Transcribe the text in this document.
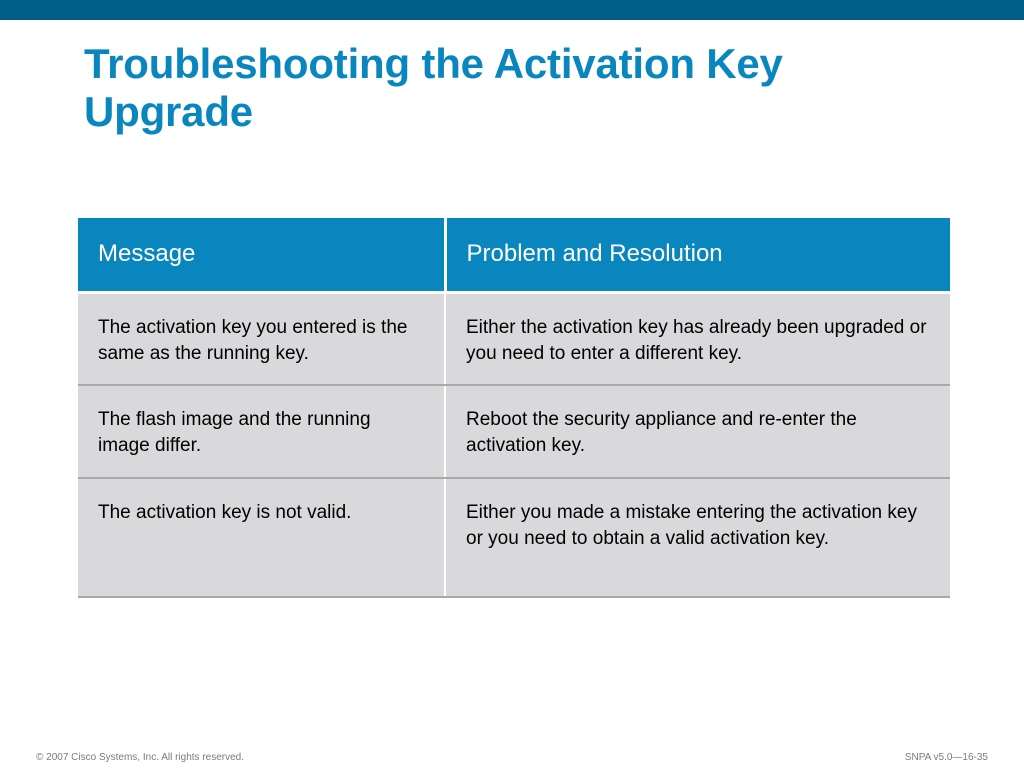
Troubleshooting the Activation Key
Upgrade
Message	Problem and Resolution
The activation key you entered is the same as the running key.	Either the activation key has already been upgraded or you need to enter a different key.
The flash image and the running image differ.	Reboot the security appliance and re-enter the activation key.
The activation key is not valid.	Either you made a mistake entering the activation key or you need to obtain a valid activation key.
© 2007 Cisco Systems, Inc. All rights reserved.	SNPA v5.0—16-35
